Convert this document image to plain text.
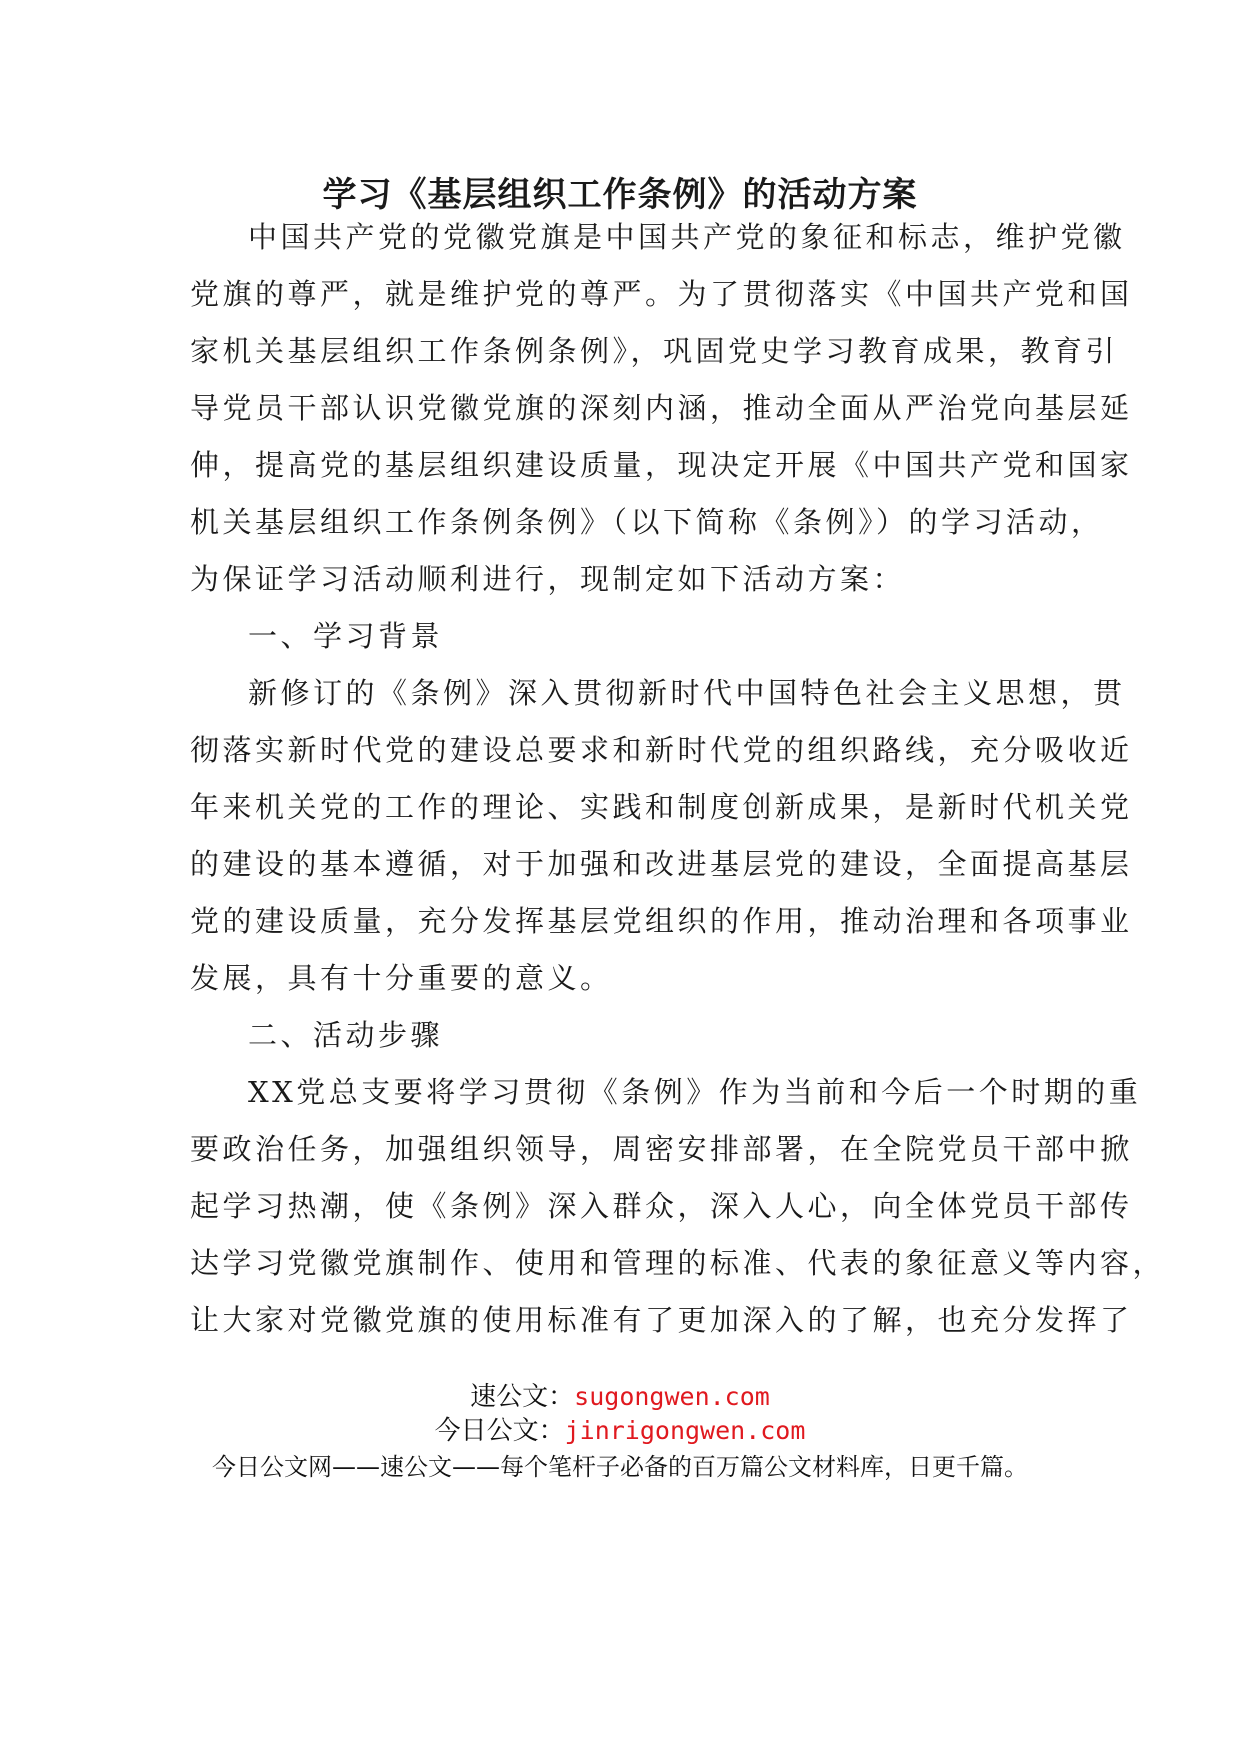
学习《基层组织工作条例》的活动方案
中国共产党的党徽党旗是中国共产党的象征和标志，维护党徽
党旗的尊严，就是维护党的尊严。为了贯彻落实《中国共产党和国
家机关基层组织工作条例条例》，巩固党史学习教育成果，教育引
导党员干部认识党徽党旗的深刻内涵，推动全面从严治党向基层延
伸，提高党的基层组织建设质量，现决定开展《中国共产党和国家
机关基层组织工作条例条例》（以下简称《条例》）的学习活动，
为保证学习活动顺利进行，现制定如下活动方案：
一、学习背景
新修订的《条例》深入贯彻新时代中国特色社会主义思想，贯
彻落实新时代党的建设总要求和新时代党的组织路线，充分吸收近
年来机关党的工作的理论、实践和制度创新成果，是新时代机关党
的建设的基本遵循，对于加强和改进基层党的建设，全面提高基层
党的建设质量，充分发挥基层党组织的作用，推动治理和各项事业
发展，具有十分重要的意义。
二、活动步骤
XX党总支要将学习贯彻《条例》作为当前和今后一个时期的重
要政治任务，加强组织领导，周密安排部署，在全院党员干部中掀
起学习热潮，使《条例》深入群众，深入人心，向全体党员干部传
达学习党徽党旗制作、使用和管理的标准、代表的象征意义等内容，
让大家对党徽党旗的使用标准有了更加深入的了解，也充分发挥了
速公文：sugongwen.com
今日公文：jinrigongwen.com
今日公文网——速公文——每个笔杆子必备的百万篇公文材料库，日更千篇。
